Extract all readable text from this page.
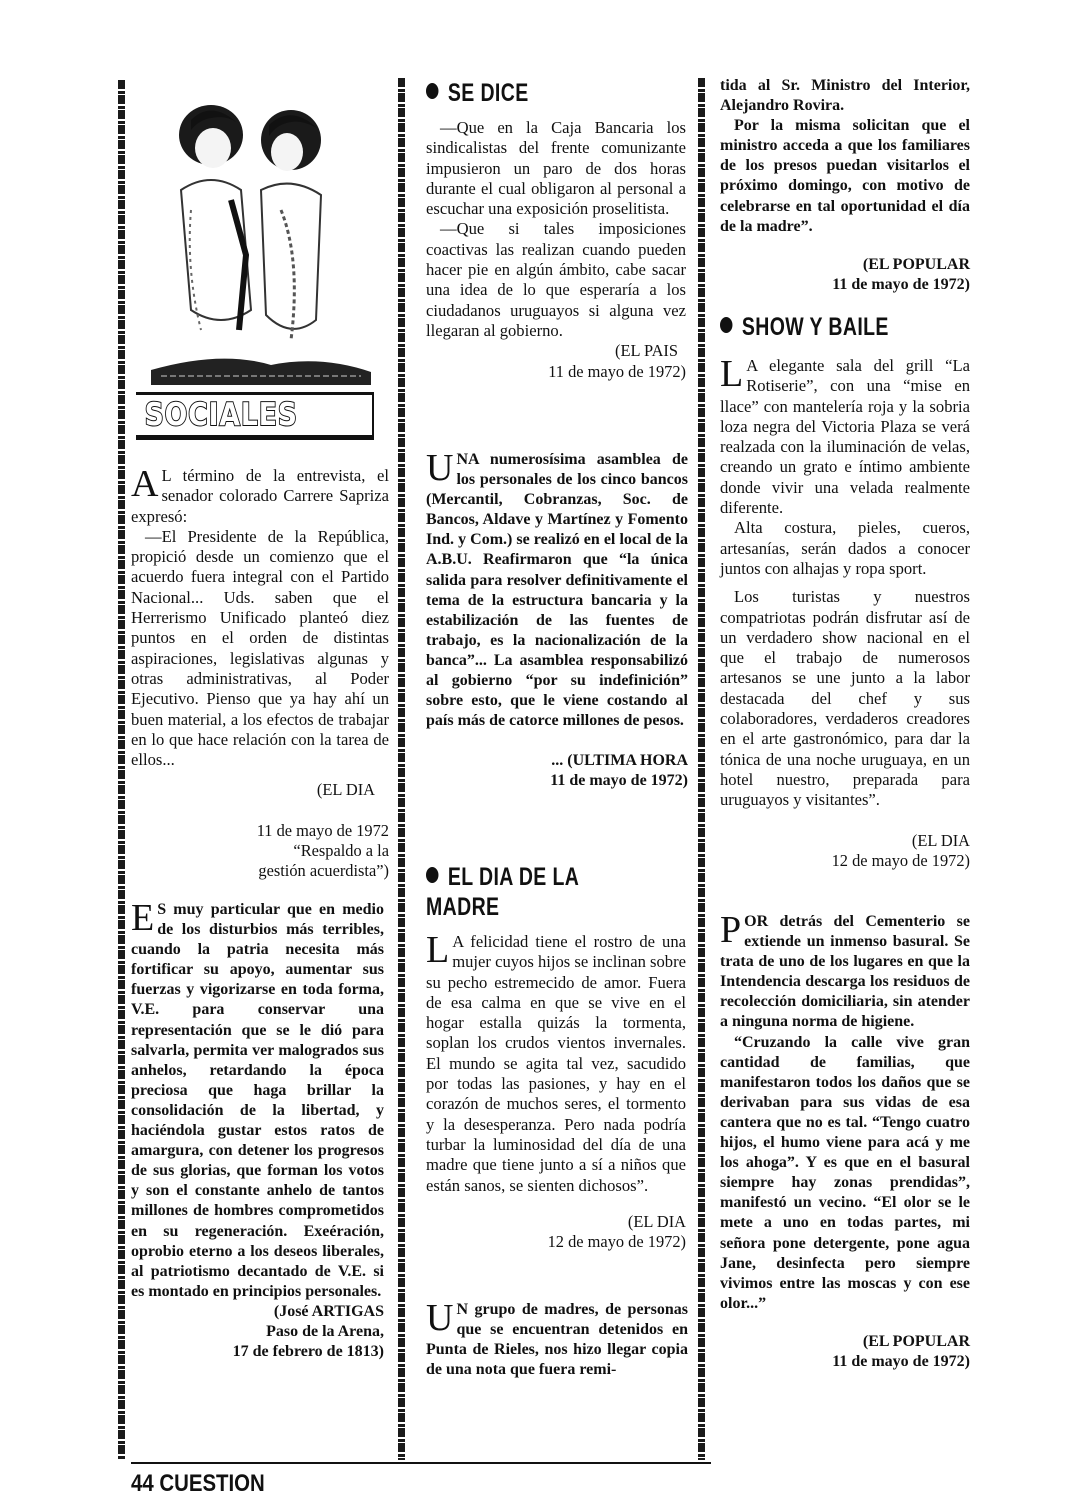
SOCIALES

A L término de la entrevista, el senador colorado Carrere Sapriza expresó:

—El Presidente de la República, propició desde un comienzo que el acuerdo fuera integral con el Partido Nacional... Uds. saben que el Herrerismo Unificado planteó diez puntos en el orden de distintas aspiraciones, legislativas algunas y otras administrativas, al Poder Ejecutivo. Pienso que ya hay ahí un buen material, a los efectos de trabajar en lo que hace relación con la tarea de ellos...

(EL DIA

11 de mayo de 1972

“Respaldo a la

gestión acuerdista”)

E S muy particular que en medio de los disturbios más terribles, cuando la patria necesita más fortificar su apoyo, aumentar sus fuerzas y vigorizarse en toda forma, V.E. para conservar una representación que se le dió para salvarla, permita ver malogrados sus anhelos, retardando la época preciosa que haga brillar la consolidación de la libertad, y haciéndola gustar estos ratos de amargura, con detener los progresos de sus glorias, que forman los votos y son el constante anhelo de tantos millones de hombres comprometidos en su regeneración. Exeéración, oprobio eterno a los deseos liberales, al patriotismo decantado de V.E. si es montado en principios personales.

(José ARTIGAS

Paso de la Arena,

17 de febrero de 1813)

SE DICE

—Que en la Caja Bancaria los sindicalistas del frente comunizante impusieron un paro de dos horas durante el cual obligaron al personal a escuchar una exposición proselitista.

—Que si tales imposiciones coactivas las realizan cuando pueden hacer pie en algún ámbito, cabe sacar una idea de lo que esperaría a los ciudadanos uruguayos si alguna vez llegaran al gobierno.

(EL PAIS

11 de mayo de 1972)

UNA numerosísima asamblea de los personales de los cinco bancos (Mercantil, Cobranzas, Soc. de Bancos, Aldave y Martínez y Fomento Ind. y Com.) se realizó en el local de la A.B.U. Reafirmaron que “la única salida para resolver definitivamente el tema de la estructura bancaria y la estabilización de las fuentes de trabajo, es la nacionalización de la banca”... La asamblea responsabilizó al gobierno “por su indefinición” sobre esto, que le viene costando al país más de catorce millones de pesos.

... (ULTIMA HORA

11 de mayo de 1972)

EL DIA DE LA
MADRE

L A felicidad tiene el rostro de una mujer cuyos hijos se inclinan sobre su pecho estremecido de amor. Fuera de esa calma en que se vive en el hogar estalla quizás la tormenta, soplan los crudos vientos invernales. El mundo se agita tal vez, sacudido por todas las pasiones, y hay en el corazón de muchos seres, el tormento y la desesperanza. Pero nada podría turbar la luminosidad del día de una madre que tiene junto a sí a niños que están sanos, se sienten dichosos”.

(EL DIA

12 de mayo de 1972)

U N grupo de madres, de personas que se encuentran detenidos en Punta de Rieles, nos hizo llegar copia de una nota que fuera remi-

tida al Sr. Ministro del Interior, Alejandro Rovira.

Por la misma solicitan que el ministro acceda a que los familiares de los presos puedan visitarlos el próximo domingo, con motivo de celebrarse en tal oportunidad el día de la madre”.

(EL POPULAR

11 de mayo de 1972)

SHOW Y BAILE

L A elegante sala del grill “La Rotiserie”, con una “mise en llace” con mantelería roja y la sobria loza negra del Victoria Plaza se verá realzada con la iluminación de velas, creando un grato e íntimo ambiente donde vivir una velada realmente diferente.

Alta costura, pieles, cueros, artesanías, serán dados a conocer juntos con alhajas y ropa sport.

Los turistas y nuestros compatriotas podrán disfrutar así de un verdadero show nacional en el que el trabajo de numerosos artesanos se une junto a la labor destacada del chef y sus colaboradores, verdaderos creadores en el arte gastronómico, para dar la tónica de una noche uruguaya, en un hotel nuestro, preparada para uruguayos y visitantes”.

(EL DIA

12 de mayo de 1972)

POR detrás del Cementerio se extiende un inmenso basural. Se trata de uno de los lugares en que la Intendencia descarga los residuos de recolección domiciliaria, sin atender a ninguna norma de higiene.

“Cruzando la calle vive gran cantidad de familias, que manifestaron todos los daños que se derivaban para sus vidas de esa cantera que no es tal. “Tengo cuatro hijos, el humo viene para acá y me los ahoga”. Y es que en el basural siempre hay zonas prendidas”, manifestó un vecino. “El olor se le mete a uno en todas partes, mi señora pone detergente, pone agua Jane, desinfecta pero siempre vivimos entre las moscas y con ese olor...”

(EL POPULAR

11 de mayo de 1972)

44 CUESTION
